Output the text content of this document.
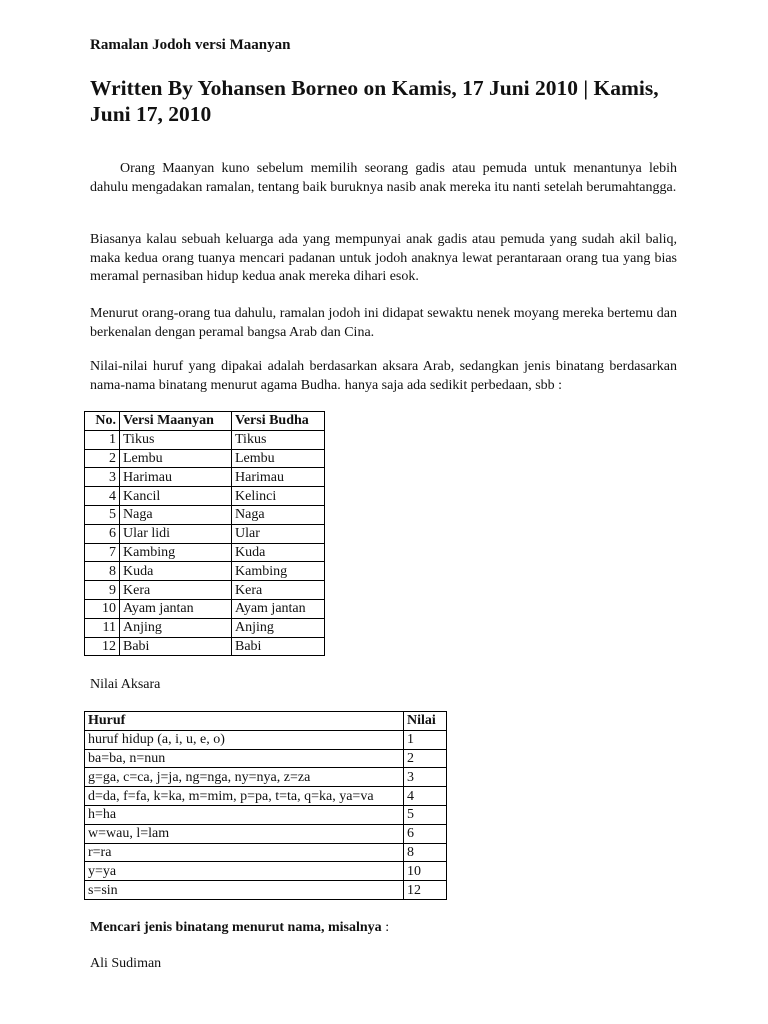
Ramalan Jodoh versi Maanyan
Written By Yohansen Borneo on Kamis, 17 Juni 2010 | Kamis, Juni 17, 2010

Orang Maanyan kuno sebelum memilih seorang gadis atau pemuda untuk menantunya lebih dahulu mengadakan ramalan, tentang baik buruknya nasib anak mereka itu nanti setelah berumahtangga.

Biasanya kalau sebuah keluarga ada yang mempunyai anak gadis atau pemuda yang sudah akil baliq, maka kedua orang tuanya mencari padanan untuk jodoh anaknya lewat perantaraan orang tua yang bias meramal pernasiban hidup kedua anak mereka dihari esok.

Menurut orang-orang tua dahulu, ramalan jodoh ini didapat sewaktu nenek moyang mereka bertemu dan berkenalan dengan peramal bangsa Arab dan Cina.

Nilai-nilai huruf yang dipakai adalah berdasarkan aksara Arab, sedangkan jenis binatang berdasarkan nama-nama binatang menurut agama Budha. hanya saja ada sedikit perbedaan, sbb :

No.	Versi Maanyan	Versi Budha
1	Tikus	Tikus
2	Lembu	Lembu
3	Harimau	Harimau
4	Kancil	Kelinci
5	Naga	Naga
6	Ular lidi	Ular
7	Kambing	Kuda
8	Kuda	Kambing
9	Kera	Kera
10	Ayam jantan	Ayam jantan
11	Anjing	Anjing
12	Babi	Babi

Nilai Aksara

Huruf	Nilai
huruf hidup (a, i, u, e, o)	1
ba=ba, n=nun	2
g=ga, c=ca, j=ja, ng=nga, ny=nya, z=za	3
d=da, f=fa, k=ka, m=mim, p=pa, t=ta, q=ka, ya=va	4
h=ha	5
w=wau, l=lam	6
r=ra	8
y=ya	10
s=sin	12

Mencari jenis binatang menurut nama, misalnya :

Ali Sudiman
